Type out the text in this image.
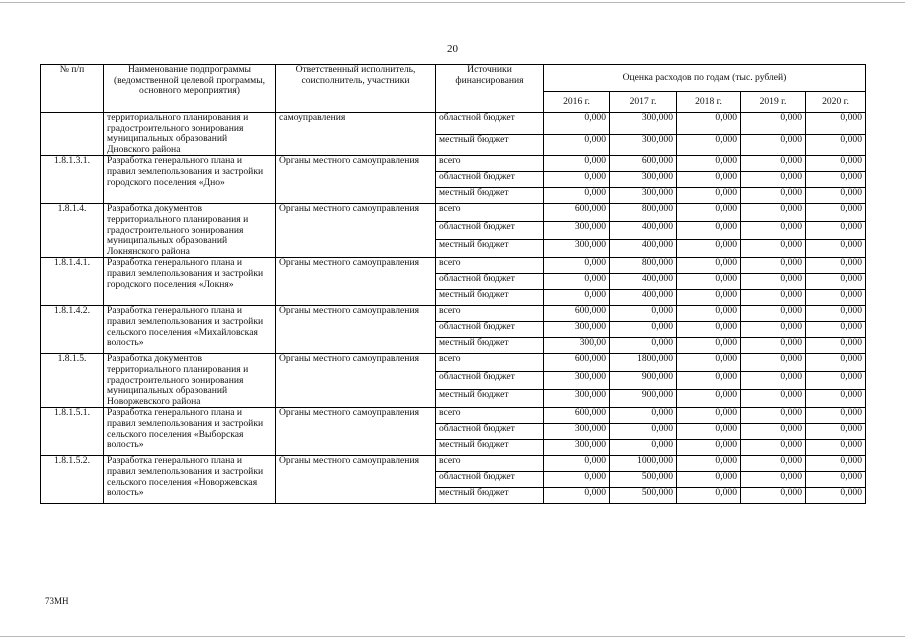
20
№ п/п	Наименование подпрограммы (ведомственной целевой программы, основного мероприятия)	Ответственный исполнитель, соисполнитель, участники	Источники финансирования	Оценка расходов по годам (тыс. рублей)				
				2016 г.	2017 г.	2018 г.	2019 г.	2020 г.
	территориального планирования и градостроительного зонирования муниципальных образований Дновского района	самоуправления	областной бюджет	0,000	300,000	0,000	0,000	0,000
			местный бюджет	0,000	300,000	0,000	0,000	0,000
1.8.1.3.1.	Разработка генерального плана и правил землепользования и застройки городского поселения «Дно»	Органы местного самоуправления	всего	0,000	600,000	0,000	0,000	0,000
			областной бюджет	0,000	300,000	0,000	0,000	0,000
			местный бюджет	0,000	300,000	0,000	0,000	0,000
1.8.1.4.	Разработка документов территориального планирования и градостроительного зонирования муниципальных образований Локнянского района	Органы местного самоуправления	всего	600,000	800,000	0,000	0,000	0,000
			областной бюджет	300,000	400,000	0,000	0,000	0,000
			местный бюджет	300,000	400,000	0,000	0,000	0,000
1.8.1.4.1.	Разработка генерального плана и правил землепользования и застройки городского поселения «Локня»	Органы местного самоуправления	всего	0,000	800,000	0,000	0,000	0,000
			областной бюджет	0,000	400,000	0,000	0,000	0,000
			местный бюджет	0,000	400,000	0,000	0,000	0,000
1.8.1.4.2.	Разработка генерального плана и правил землепользования и застройки сельского поселения «Михайловская волость»	Органы местного самоуправления	всего	600,000	0,000	0,000	0,000	0,000
			областной бюджет	300,000	0,000	0,000	0,000	0,000
			местный бюджет	300,00	0,000	0,000	0,000	0,000
1.8.1.5.	Разработка документов территориального планирования и градостроительного зонирования муниципальных образований Новоржевского района	Органы местного самоуправления	всего	600,000	1800,000	0,000	0,000	0,000
			областной бюджет	300,000	900,000	0,000	0,000	0,000
			местный бюджет	300,000	900,000	0,000	0,000	0,000
1.8.1.5.1.	Разработка генерального плана и правил землепользования и застройки сельского поселения «Выборская волость»	Органы местного самоуправления	всего	600,000	0,000	0,000	0,000	0,000
			областной бюджет	300,000	0,000	0,000	0,000	0,000
			местный бюджет	300,000	0,000	0,000	0,000	0,000
1.8.1.5.2.	Разработка генерального плана и правил землепользования и застройки сельского поселения «Новоржевская волость»	Органы местного самоуправления	всего	0,000	1000,000	0,000	0,000	0,000
			областной бюджет	0,000	500,000	0,000	0,000	0,000
			местный бюджет	0,000	500,000	0,000	0,000	0,000
73МН
